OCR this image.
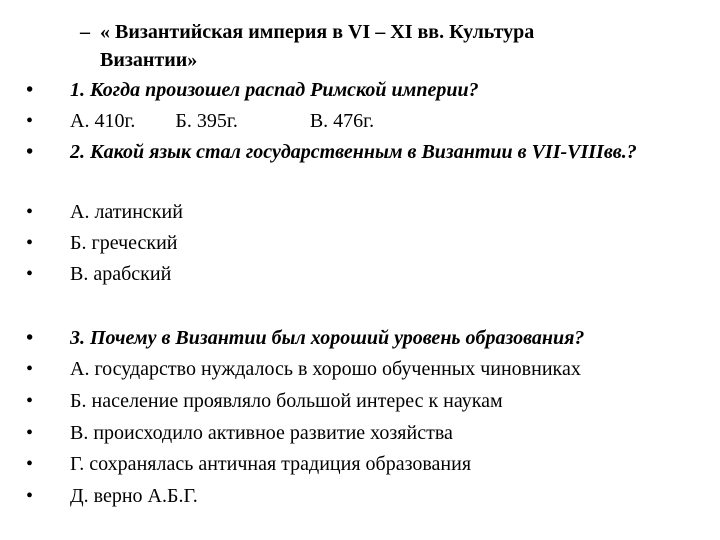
– « Византийская империя в VI – XI вв. Культура
Византии»
•	1. Когда произошел распад Римской империи?
•	А. 410г. Б. 395г.	В. 476г.
•	2. Какой язык стал государственным в Византии в VII-VIIIвв.?
•	А. латинский
•	Б. греческий
•	В. арабский
•	3. Почему в Византии был хороший уровень образования?
•	А. государство нуждалось в хорошо обученных чиновниках
•	Б. население проявляло большой интерес к наукам
•	В. происходило активное развитие хозяйства
•	Г. сохранялась античная традиция образования
•	Д. верно А.Б.Г.
